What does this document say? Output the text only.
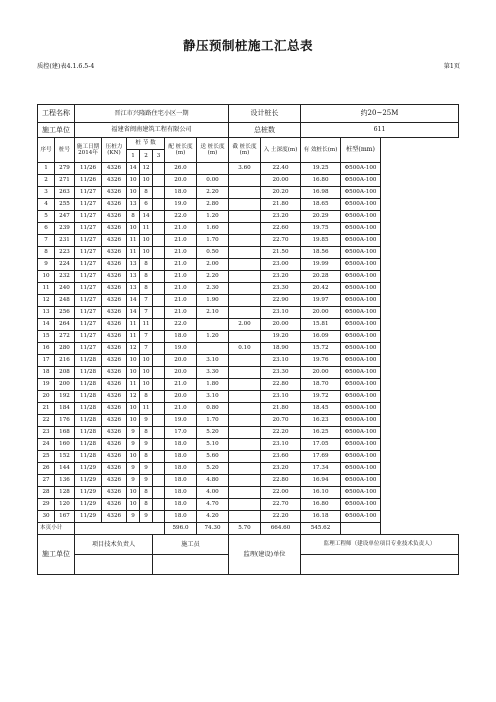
静压预制桩施工汇总表
质控(建)表4.1.6.5-4	第1页
工程名称		晋江市兴隆路住宅小区一期							设计桩长		约20~25M	
施工单位		福建省闽南建筑工程有限公司							总桩数		611	
序号	桩号	施工日期2014年	压桩力(KN)	桩 节 数			配 桩长度(m)	送 桩长度(m)	截 桩长度(m)	入 土深度(m)	有 效桩长(m)	桩型(mm)
				1	2	3						
1	279	11/26	4326	14	12		26.0		3.60	22.40	19.25	Φ500A-100
2	271	11/26	4326	10	10		20.0	0.00		20.00	16.80	Φ500A-100
3	263	11/27	4326	10	8		18.0	2.20		20.20	16.98	Φ500A-100
4	255	11/27	4326	13	6		19.0	2.80		21.80	18.65	Φ500A-100
5	247	11/27	4326	8	14		22.0	1.20		23.20	20.29	Φ500A-100
6	239	11/27	4326	10	11		21.0	1.60		22.60	19.75	Φ500A-100
7	231	11/27	4326	11	10		21.0	1.70		22.70	19.85	Φ500A-100
8	223	11/27	4326	11	10		21.0	0.50		21.50	18.56	Φ500A-100
9	224	11/27	4326	13	8		21.0	2.00		23.00	19.99	Φ500A-100
10	232	11/27	4326	13	8		21.0	2.20		23.20	20.28	Φ500A-100
11	240	11/27	4326	13	8		21.0	2.30		23.30	20.42	Φ500A-100
12	248	11/27	4326	14	7		21.0	1.90		22.90	19.97	Φ500A-100
13	256	11/27	4326	14	7		21.0	2.10		23.10	20.00	Φ500A-100
14	264	11/27	4326	11	11		22.0		2.00	20.00	15.81	Φ500A-100
15	272	11/27	4326	11	7		18.0	1.20		19.20	16.09	Φ500A-100
16	280	11/27	4326	12	7		19.0		0.10	18.90	15.72	Φ500A-100
17	216	11/28	4326	10	10		20.0	3.10		23.10	19.76	Φ500A-100
18	208	11/28	4326	10	10		20.0	3.30		23.30	20.00	Φ500A-100
19	200	11/28	4326	11	10		21.0	1.80		22.80	18.70	Φ500A-100
20	192	11/28	4326	12	8		20.0	3.10		23.10	19.72	Φ500A-100
21	184	11/28	4326	10	11		21.0	0.80		21.80	18.45	Φ500A-100
22	176	11/28	4326	10	9		19.0	1.70		20.70	16.23	Φ500A-100
23	168	11/28	4326	9	8		17.0	5.20		22.20	16.25	Φ500A-100
24	160	11/28	4326	9	9		18.0	5.10		23.10	17.05	Φ500A-100
25	152	11/28	4326	10	8		18.0	5.60		23.60	17.69	Φ500A-100
26	144	11/29	4326	9	9		18.0	5.20		23.20	17.34	Φ500A-100
27	136	11/29	4326	9	9		18.0	4.80		22.80	16.94	Φ500A-100
28	128	11/29	4326	10	8		18.0	4.00		22.00	16.10	Φ500A-100
29	120	11/29	4326	10	8		18.0	4.70		22.70	16.80	Φ500A-100
30	167	11/29	4326	9	9		18.0	4.20		22.20	16.18	Φ500A-100
本页小计							596.0	74.30	5.70	664.60	545.62	
施工单位		项目技术负责人				施工员			监理(建设)单位		监理工程师（建设单位项目专业技术负责人）	
